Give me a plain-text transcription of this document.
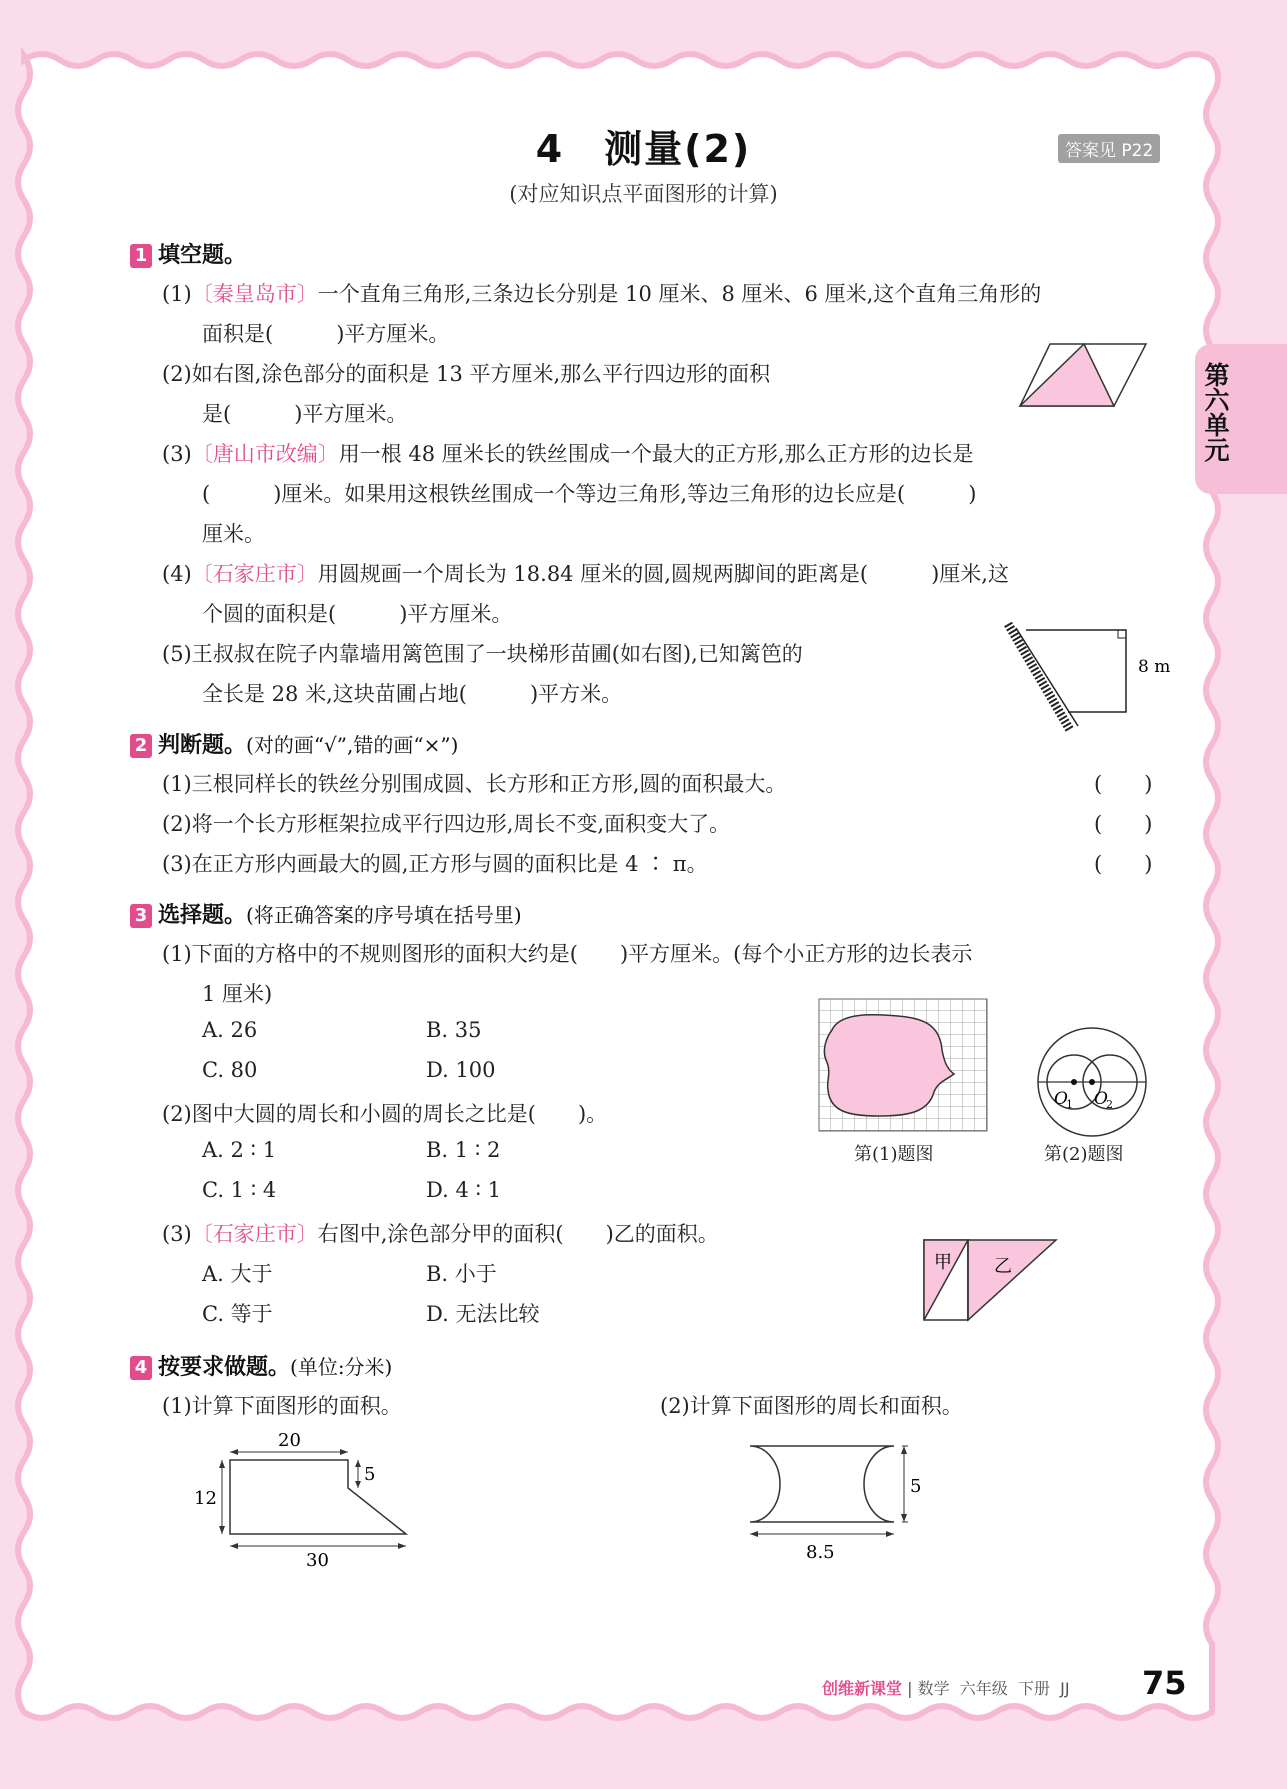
4　测量(2)
(对应知识点平面图形的计算)
答案见 P22
第六单元
1 填空题。
(1)〔秦皇岛市〕一个直角三角形,三条边长分别是 10 厘米、8 厘米、6 厘米,这个直角三角形的
面积是(　　　)平方厘米。
(2)如右图,涂色部分的面积是 13 平方厘米,那么平行四边形的面积
是(　　　)平方厘米。
(3)〔唐山市改编〕用一根 48 厘米长的铁丝围成一个最大的正方形,那么正方形的边长是
(　　　)厘米。如果用这根铁丝围成一个等边三角形,等边三角形的边长应是(　　　)
厘米。
(4)〔石家庄市〕用圆规画一个周长为 18.84 厘米的圆,圆规两脚间的距离是(　　　)厘米,这
个圆的面积是(　　　)平方厘米。
(5)王叔叔在院子内靠墙用篱笆围了一块梯形苗圃(如右图),已知篱笆的
全长是 28 米,这块苗圃占地(　　　)平方米。
8 m
2 判断题。(对的画“√”,错的画“×”)
(1)三根同样长的铁丝分别围成圆、长方形和正方形,圆的面积最大。	(　　)
(2)将一个长方形框架拉成平行四边形,周长不变,面积变大了。	(　　)
(3)在正方形内画最大的圆,正方形与圆的面积比是 4 ∶ π。	(　　)
3 选择题。(将正确答案的序号填在括号里)
(1)下面的方格中的不规则图形的面积大约是(　　)平方厘米。(每个小正方形的边长表示
1 厘米)
A. 26	B. 35
C. 80	D. 100
(2)图中大圆的周长和小圆的周长之比是(　　)。
A. 2 ∶ 1	B. 1 ∶ 2
C. 1 ∶ 4	D. 4 ∶ 1
(3)〔石家庄市〕右图中,涂色部分甲的面积(　　)乙的面积。
A. 大于	B. 小于
C. 等于	D. 无法比较
第(1)题图
O
1 O
2
第(2)题图
甲 乙
4 按要求做题。(单位:分米)
(1)计算下面图形的面积。	(2)计算下面图形的周长和面积。
20
5
12
30
5
8.5
创维新课堂 | 数学 六年级 下册 JJ 75
